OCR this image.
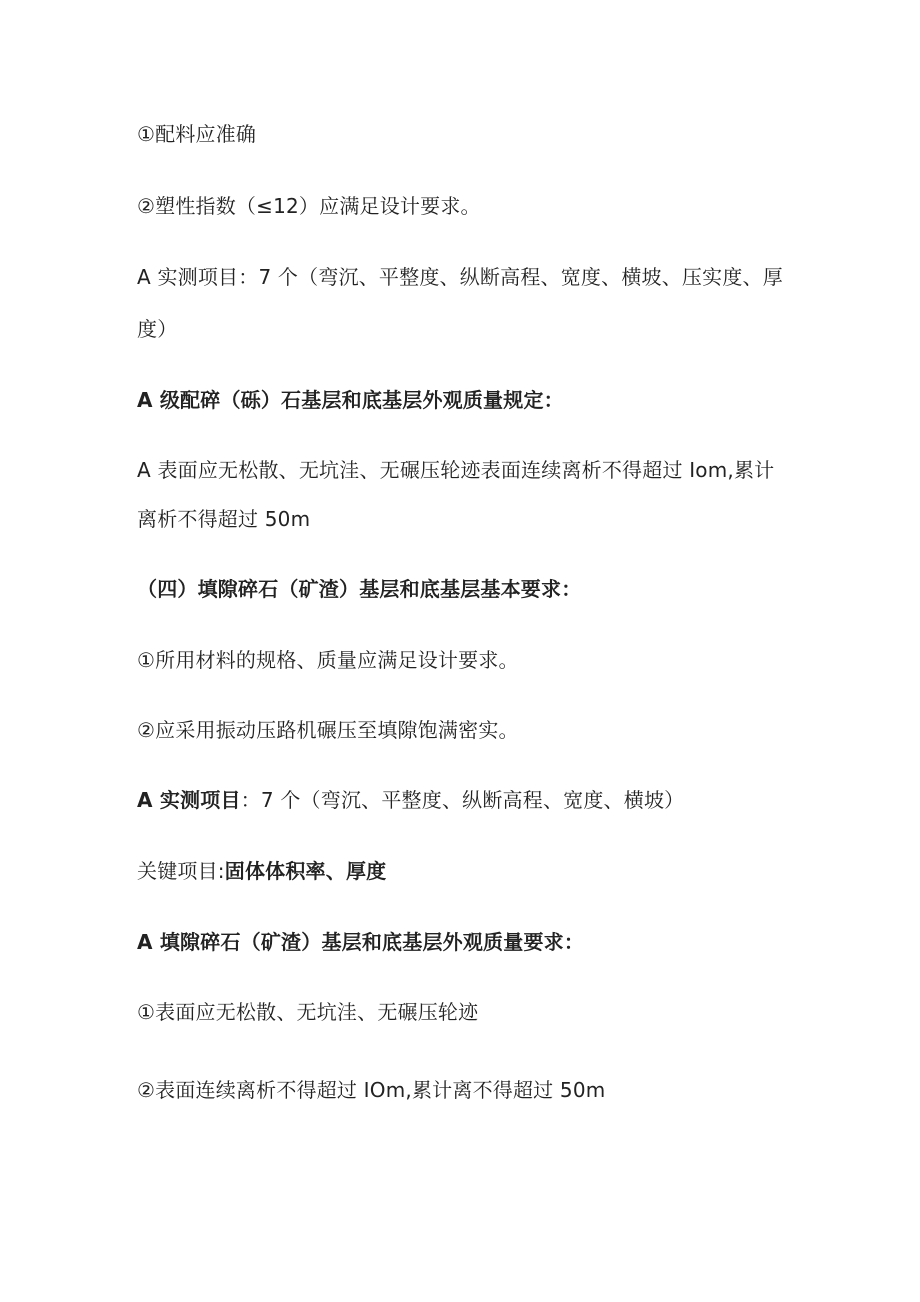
①配料应准确
②塑性指数（≤12）应满足设计要求。
A 实测项目：7 个（弯沉、平整度、纵断高程、宽度、横坡、压实度、厚
度）
A 级配碎（砾）石基层和底基层外观质量规定：
A 表面应无松散、无坑洼、无碾压轮迹表面连续离析不得超过 Iom,累计
离析不得超过 50m
（四）填隙碎石（矿渣）基层和底基层基本要求：
①所用材料的规格、质量应满足设计要求。
②应采用振动压路机碾压至填隙饱满密实。
A 实测项目：7 个（弯沉、平整度、纵断高程、宽度、横坡）
关键项目:固体体积率、厚度
A 填隙碎石（矿渣）基层和底基层外观质量要求：
①表面应无松散、无坑洼、无碾压轮迹
②表面连续离析不得超过 IOm,累计离不得超过 50m
